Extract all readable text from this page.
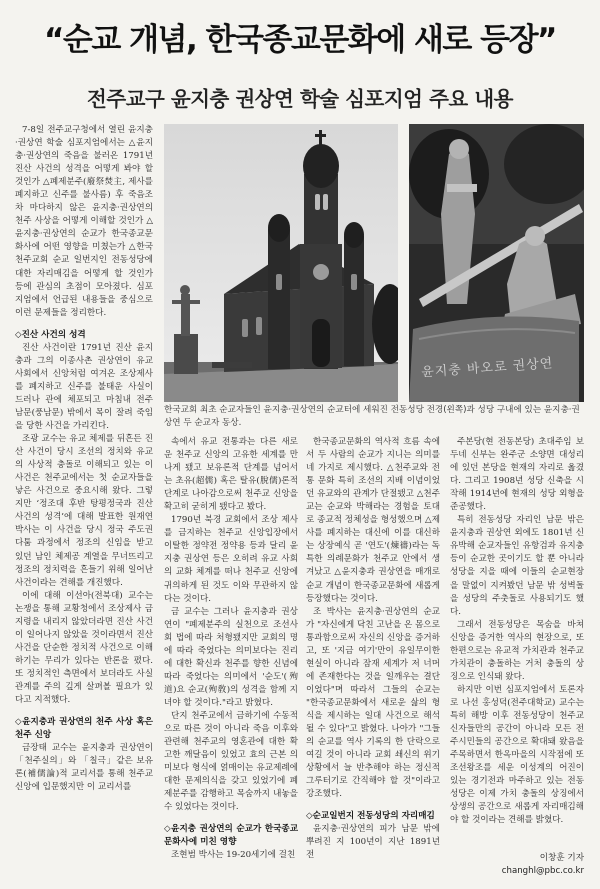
“순교 개념, 한국종교문화에 새로 등장”
전주교구 윤지충 권상연 학술 심포지엄 주요 내용
윤지충 바오로 권상연
한국교회 최초 순교자들인 윤지충·권상연의 순교터에 세워진 전동성당 전경(왼쪽)과 성당 구내에 있는 윤지충·권상연 두 순교자 동상.

7-8일 전주교구청에서 열린 윤지충·권상연 학술 심포지엄에서는 △윤지충·권상연의 죽음을 불러온 1791년 진산 사건의 성격을 어떻게 봐야 할 것인가 △폐제분주(廢祭焚主, 제사를 폐지하고 신주를 불사름) 후 죽음조차 마다하지 않은 윤지충·권상연의 천주 사상을 어떻게 이해할 것인가 △윤지충·권상연의 순교가 한국종교문화사에 어떤 영향을 미쳤는가 △한국천주교회 순교 일번지인 전동성당에 대한 자리매김을 어떻게 할 것인가 등에 관심의 초점이 모아졌다. 심포지엄에서 언급된 내용들을 중심으로 이런 문제들을 정리한다.

◇진산 사건의 성격

진산 사건이란 1791년 진산 윤지충과 그의 이종사촌 권상연이 유교 사회에서 신앙처럼 여겨온 조상제사를 폐지하고 신주를 불태운 사실이 드러나 관에 체포되고 마침내 전주 남문(풍남문) 밖에서 목이 잘려 죽임을 당한 사건을 가리킨다.

조광 교수는 유교 체제를 뒤흔든 진산 사건이 당시 조선의 정치와 유교의 사상적 충돌로 이해되고 있는 이 사건은 천주교에서는 첫 순교자들을 낳은 사건으로 중요시해 왔다. 그렇지만 ‘정조대 후반 탕평정국과 진산 사건의 성격’에 대해 발표한 원재연 박사는 이 사건을 당시 정국 주도권 다툼 과정에서 정조의 신임을 받고 있던 남인 체제공 계열을 무너뜨리고 정조의 정치력을 흔들기 위해 일어난 사건이라는 견해를 개진했다.

이에 대해 이선아(전북대) 교수는 논쟁을 통해 교황청에서 조상제사 금지령을 내리지 않았더라면 진산 사건이 일어나지 않았을 것이라면서 진산 사건을 단순한 정치적 사건으로 이해하기는 무리가 있다는 반론을 폈다. 또 정치적인 측면에서 보더라도 사실 관계를 주의 깊게 살펴볼 필요가 있다고 지적했다.

◇윤지충과 권상연의 천주 사상 혹은 천주 신앙

금장태 교수는 윤지충과 권상연이 「천주실의」와 「칠극」같은 보유론(補儒論)적 교리서를 통해 천주교 신앙에 입문했지만 이 교리서를

속에서 유교 전통과는 다른 새로운 천주교 신앙의 고유한 세계를 만나게 됐고 보유론적 단계를 넘어서는 초유(超儒) 혹은 탈유(脫儒)론적 단계로 나아감으로써 천주교 신앙을 확고히 굳히게 됐다고 봤다.

1790년 북경 교회에서 조상 제사를 금지하는 천주교 신앙입장에서 이탈한 정약전 정약용 등과 달리 윤지충 권상연 등은 오히려 유교 사회의 교화 체계를 떠나 천주교 신앙에 귀의하게 된 것도 이와 무관하지 않다는 것이다.

금 교수는 그러나 윤지충과 권상연이 "폐제분주의 실천으로 조선사회 법에 따라 처형됐지만 교회의 명에 따라 죽었다는 의미보다는 진리에 대한 확신과 천주를 향한 신념에 따라 죽었다는 의미에서 '순도'(殉道)요 순교(殉敎)의 성격을 함께 지녀야 할 것이다."라고 밝혔다.

단지 천주교에서 금하기에 수동적으로 따른 것이 아니라 죽음 이후와 관련해 천주교의 영혼관에 대한 확고한 깨달음이 있었고 효의 근본 의미보다 형식에 얽매이는 유교제례에 대한 문제의식을 갖고 있었기에 폐제분주를 감행하고 목숨까지 내놓을 수 있었다는 것이다.

◇윤지충 권상연의 순교가 한국종교문화사에 미친 영향

조현범 박사는 19-20세기에 걸친

한국종교문화의 역사적 흐름 속에서 두 사람의 순교가 지니는 의미를 네 가지로 제시했다. △천주교와 전통 문화 특히 조선의 지배 이념이었던 유교와의 관계가 단절됐고 △천주교는 순교와 박해라는 경험을 토대로 종교적 정체성을 형성했으며 △제사를 폐지하는 대신에 이를 대신하는 상장예식 곧 '연도'(煉禱)라는 독특한 의례문화가 천주교 안에서 생겨났고 △윤지충과 권상연을 매개로 순교 개념이 한국종교문화에 새롭게 등장했다는 것이다.

조 박사는 윤지충·권상연의 순교가 "자신에게 닥친 고난을 온 몸으로 통과함으로써 자신의 신앙을 증거하고, 또 '지금 여기'만이 유일무이한 현실이 아니라 잠재 세계가 저 너머에 존재한다는 것을 일깨우는 결단이었다"며 따라서 그들의 순교는 "한국종교문화에서 새로운 삶의 형식을 제시하는 일대 사건으로 해석될 수 있다"고 밝혔다. 나아가 "그들의 순교를 역사 기록의 한 단락으로 여길 것이 아니라 교회 쇄신의 위기 상황에서 늘 반추해야 하는 정신적 그루터기로 간직해야 할 것"이라고 강조했다.

◇순교일번지 전동성당의 자리매김

윤지충·권상연의 피가 남문 밖에 뿌려진 지 100년이 지난 1891년 전

주본당(현 전동본당) 초대주임 보두네 신부는 완주군 소양면 대성리에 있던 본당을 현재의 자리로 옮겼다. 그리고 1908년 성당 신축을 시작해 1914년에 현재의 성당 외형을 준공했다.

특히 전동성당 자리인 남문 밖은 윤지충과 권상연 외에도 1801년 신유박해 순교자들인 유항검과 유지충 등이 순교한 곳이기도 할 뿐 아니라 성당을 지을 때에 이들의 순교현장을 말없이 지켜봤던 남문 밖 성벽돌을 성당의 주춧돌로 사용되기도 했다.

그래서 전동성당은 목숨을 바쳐 신앙을 증거한 역사의 현장으로, 또 한편으로는 유교적 가치관과 천주교 가치관이 충돌하는 거처 충돌의 상징으로 인식돼 왔다.

하지만 이번 심포지엄에서 토론자로 나선 홍성덕(전주대학교) 교수는 특히 해방 이후 전동성당이 천주교 신자들만의 공간이 아니라 모든 전주시민들의 공간으로 확대돼 왔음을 주목하면서 한옥마을의 시작점에 또 조선왕조를 세운 이성계의 어진이 있는 경기전과 마주하고 있는 전동성당은 이제 가치 충돌의 상징에서 상생의 공간으로 새롭게 자리매김해야 할 것이라는 견해를 밝혔다.

이창훈 기자
changhl@pbc.co.kr
